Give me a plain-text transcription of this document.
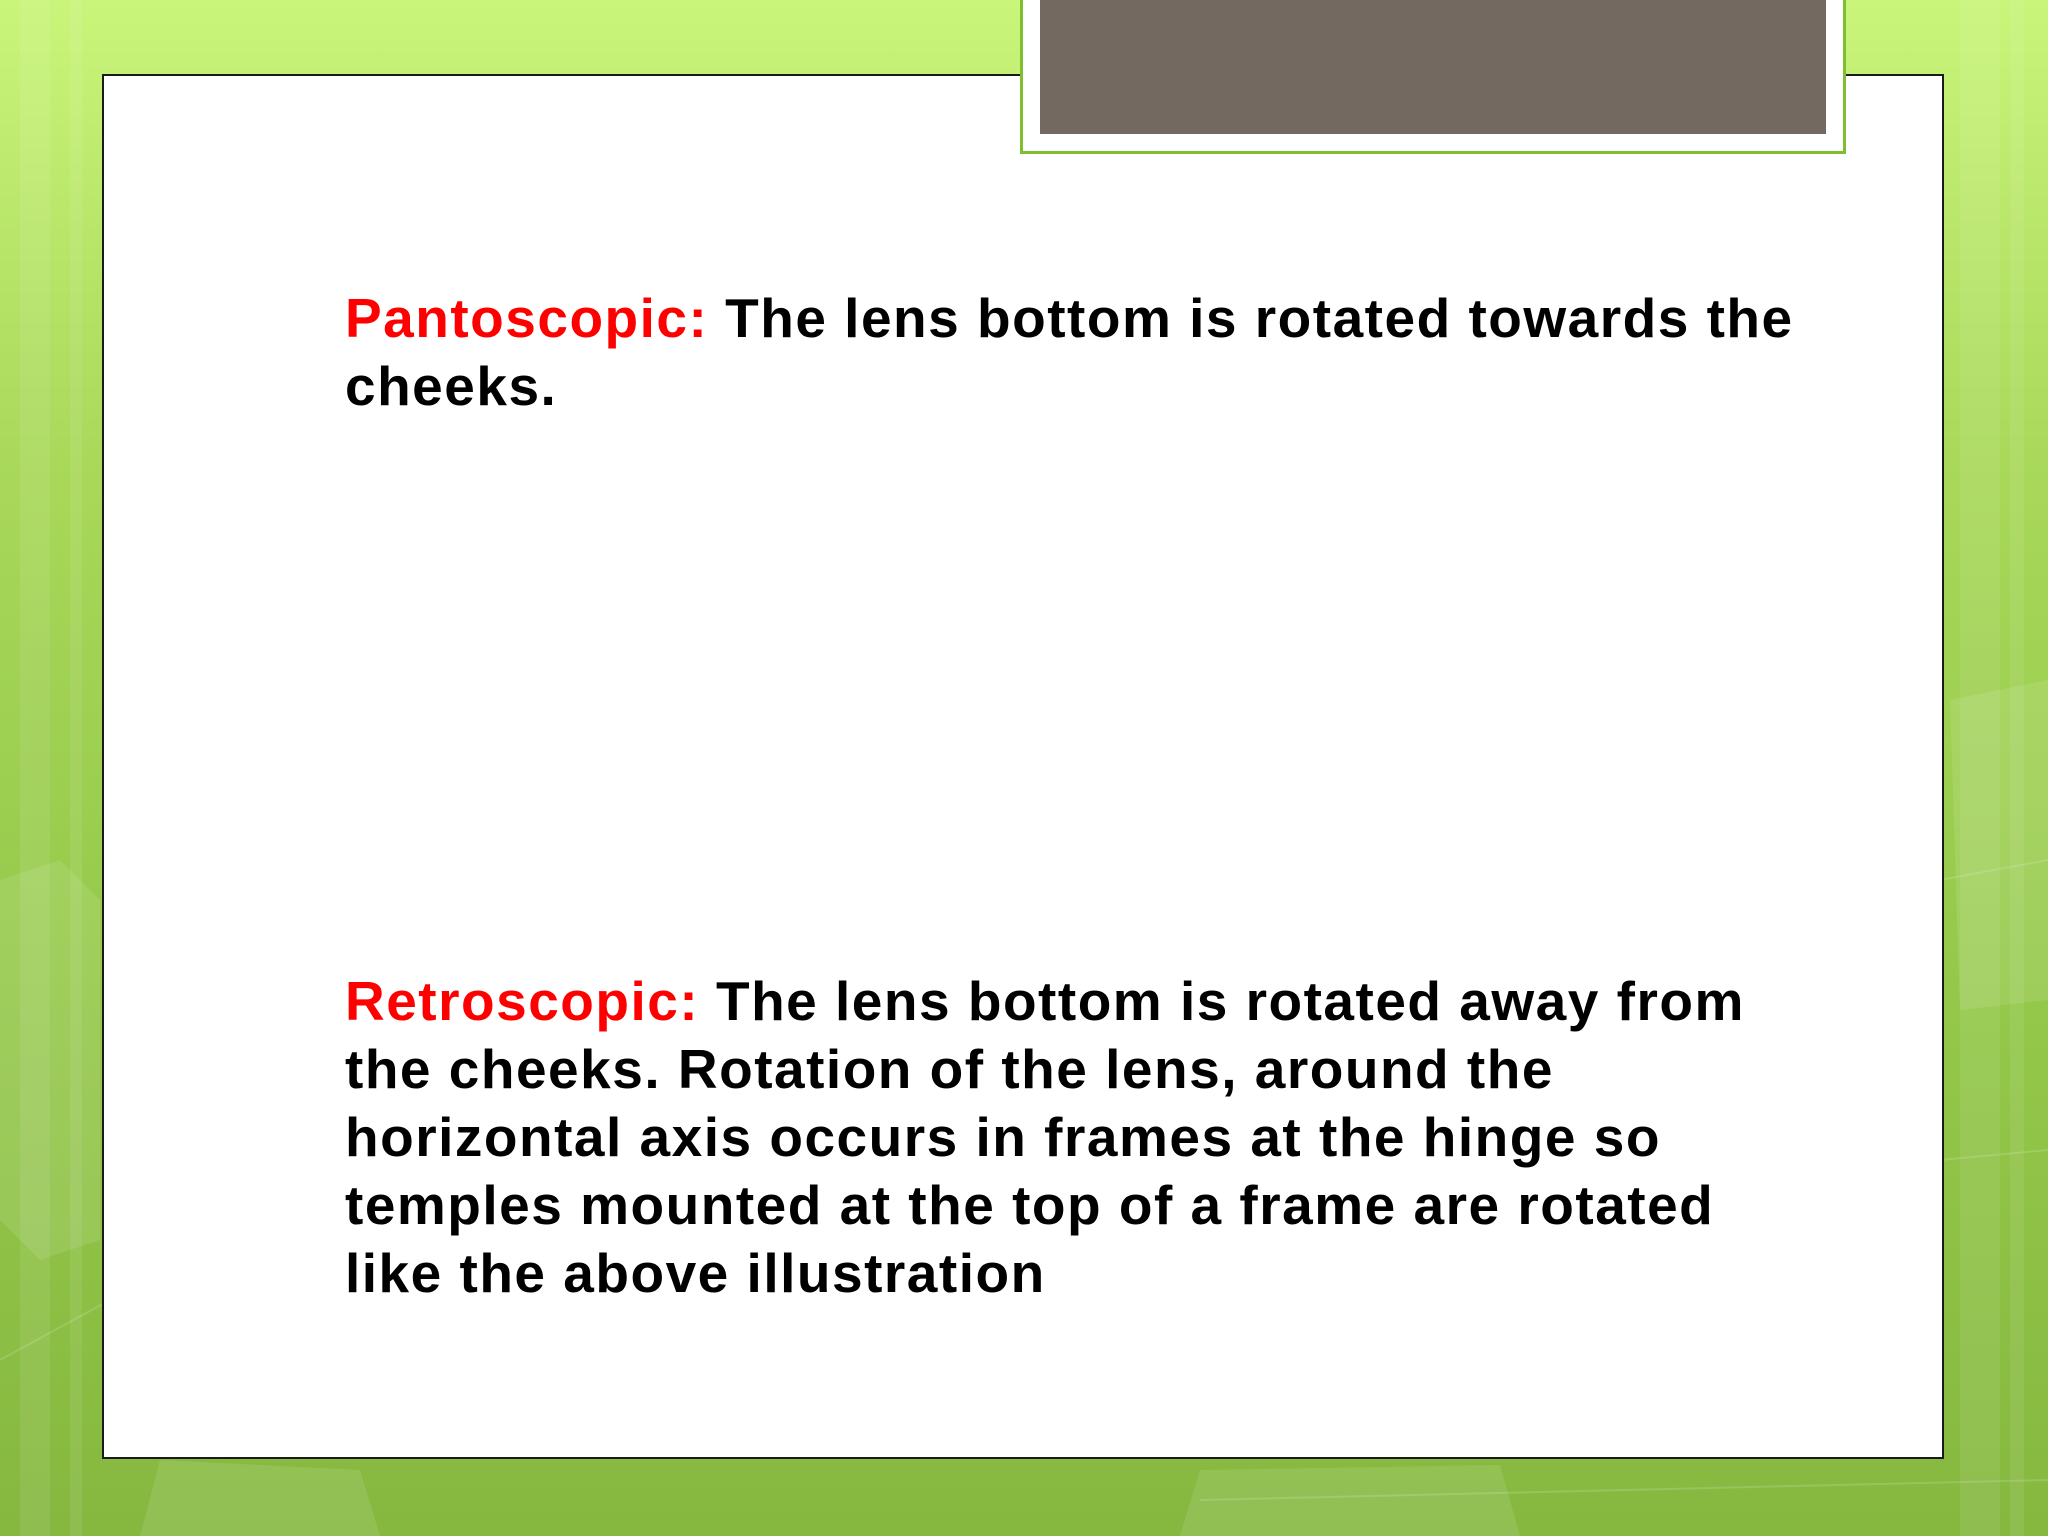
Pantoscopic: The lens bottom is rotated towards the cheeks.

Retroscopic: The lens bottom is rotated away from the cheeks. Rotation of the lens, around the horizontal axis occurs in frames at the hinge so temples mounted at the top of a frame are rotated like the above illustration
